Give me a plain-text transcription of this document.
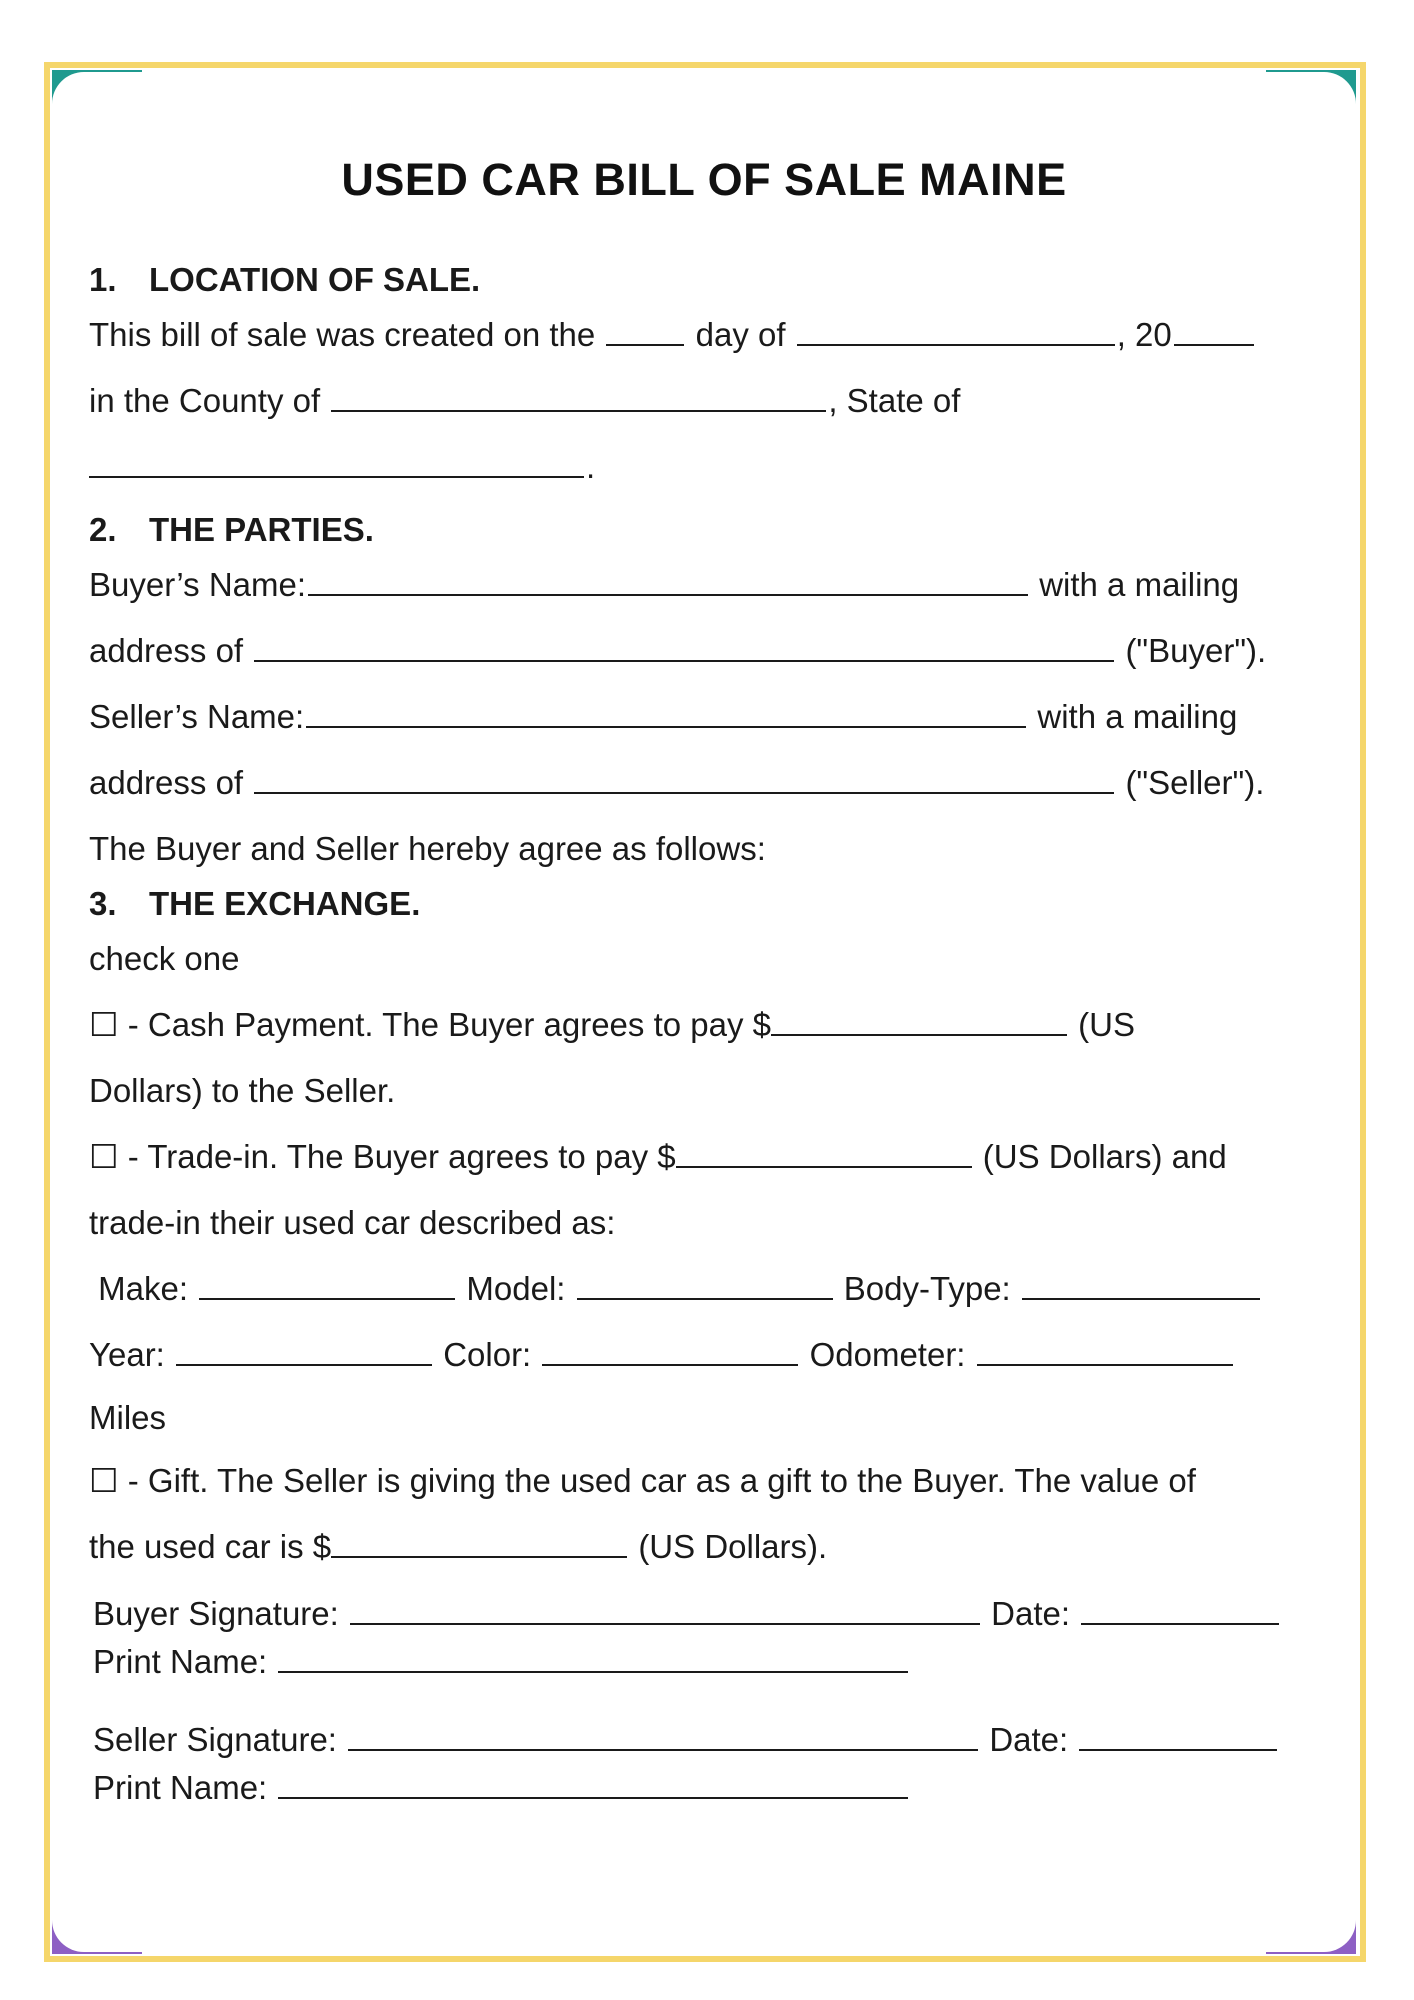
USED CAR BILL OF SALE MAINE
1. LOCATION OF SALE.
This bill of sale was created on the	day of	, 20
in the County of	, State of
.
2. THE PARTIES.
Buyer’s Name:	with a mailing
address of	("Buyer").
Seller’s Name:	with a mailing
address of	("Seller").
The Buyer and Seller hereby agree as follows:
3. THE EXCHANGE.
check one
☐ - Cash Payment. The Buyer agrees to pay $	(US
Dollars) to the Seller.
☐ - Trade-in. The Buyer agrees to pay $	(US Dollars) and
trade-in their used car described as:
Make:	Model:	Body-Type:
Year:	Color:	Odometer:
Miles
☐ - Gift. The Seller is giving the used car as a gift to the Buyer. The value of
the used car is $	(US Dollars).
Buyer Signature:	Date:
Print Name:
Seller Signature:	Date:
Print Name:
